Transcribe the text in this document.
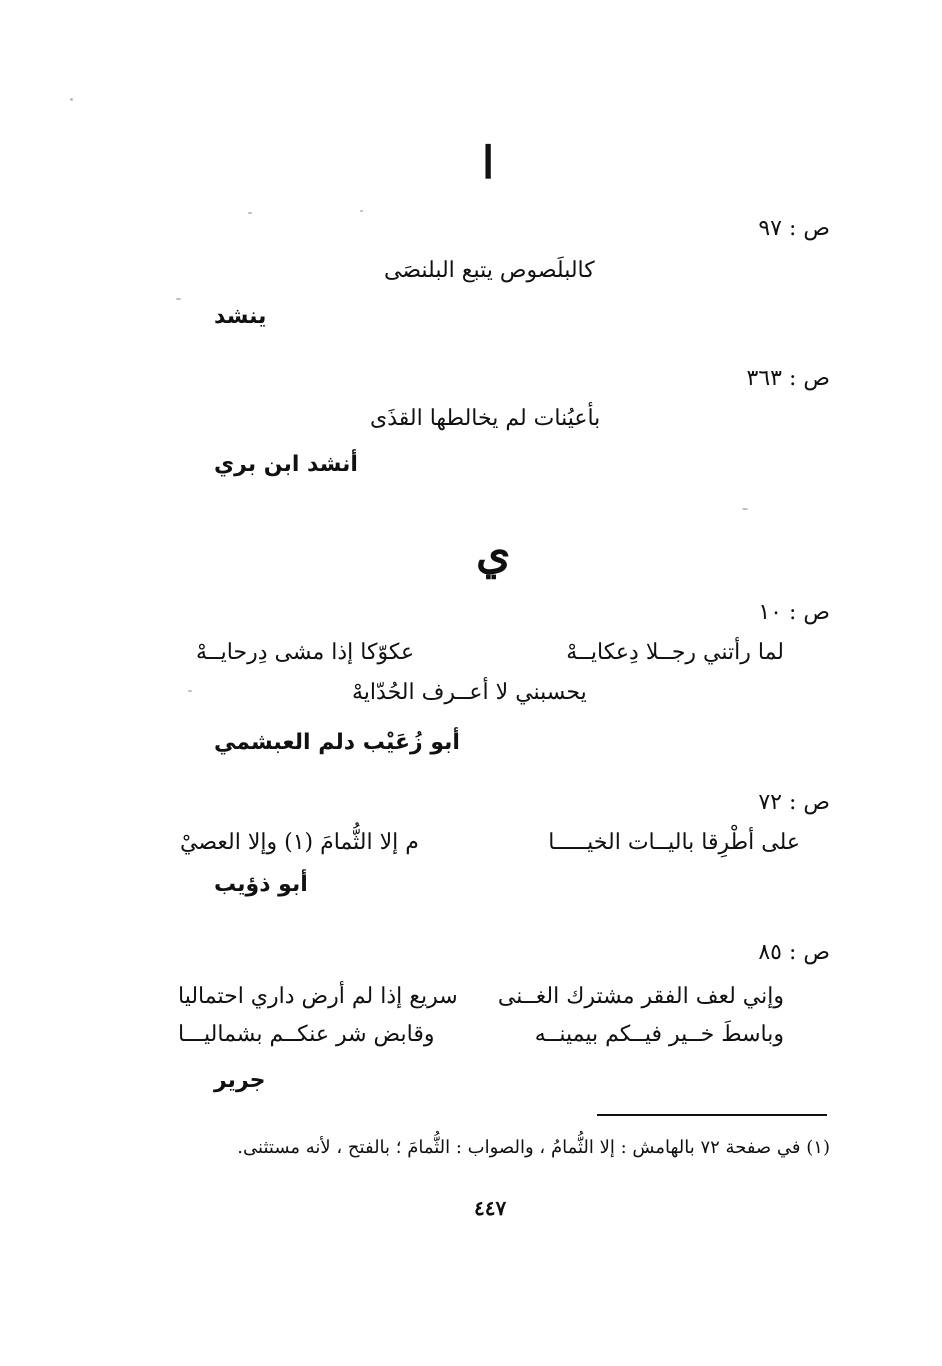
ا
ص : ٩٧
كالبلَصوص يتبع البلنصَى
ينشد
ص : ٣٦٣
بأعيُنات لم يخالطها القذَى
أنشد ابن بري
ي
ص : ١٠
لما رأتني رجــلا دِعكايــهْ
عكوّكا إذا مشى دِرحايــهْ
يحسبني لا أعــرف الحُدّايهْ
أبو زُعَيْب دلم العبشمي
ص : ٧٢
على أطْرِقا باليــات الخيـــــا
م إلا الثُّمامَ (١) وإلا العصيْ
أبو ذؤيب
ص : ٨٥
وإني لعف الفقر مشترك الغــنى
سريع إذا لم أرض داري احتماليا
وباسطَ خــير فيــكم بيمينــه
وقابض شر عنكــم بشماليـــا
جرير
(١) في صفحة ٧٢ بالهامش : إلا الثُّمامُ ، والصواب : الثُّمامَ ؛ بالفتح ، لأنه مستثنى.
٤٤٧
